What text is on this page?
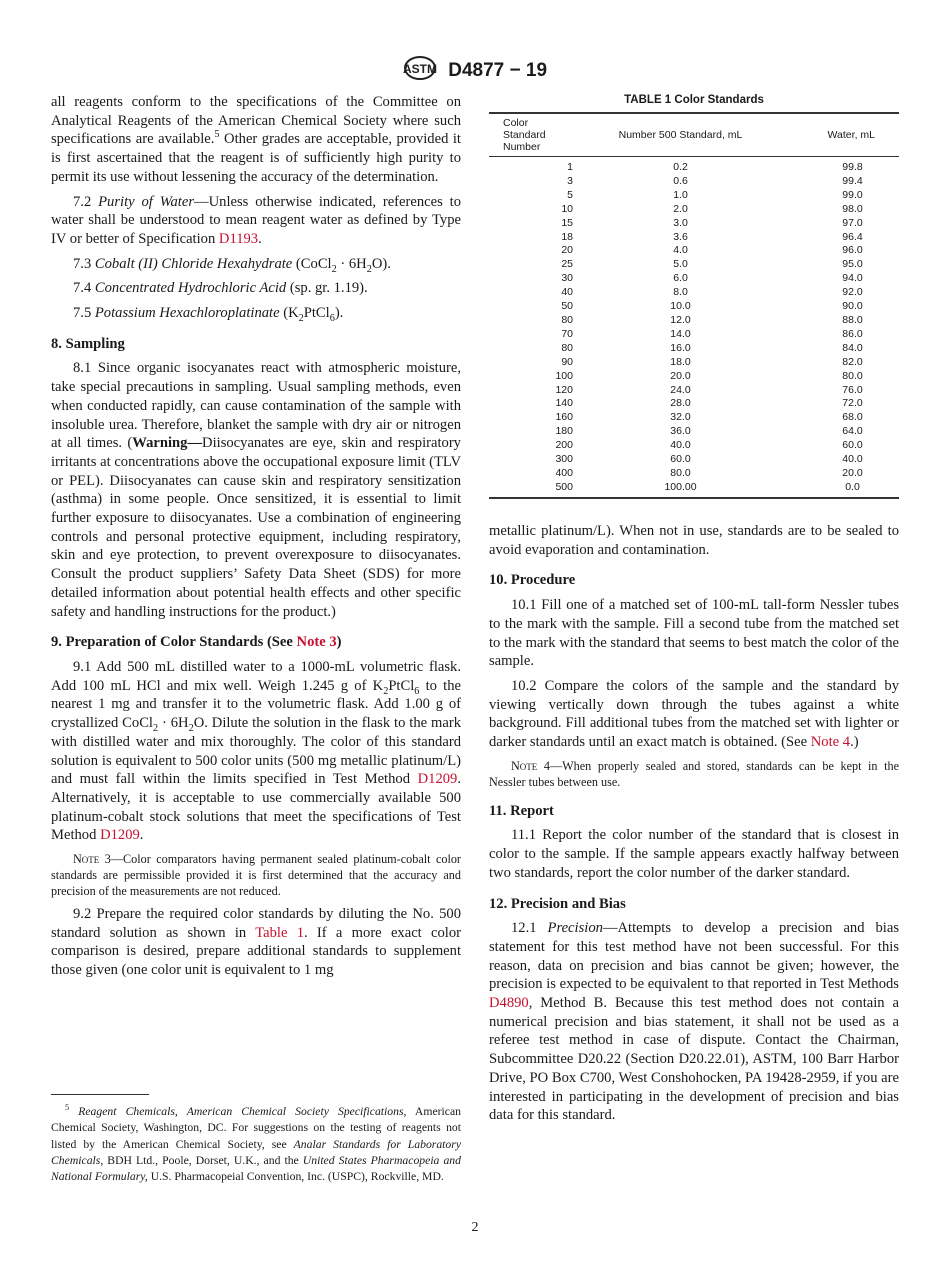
ASTM D4877 − 19

all reagents conform to the specifications of the Committee on Analytical Reagents of the American Chemical Society where such specifications are available.$^5$ Other grades are acceptable, provided it is first ascertained that the reagent is of sufficiently high purity to permit its use without lessening the accuracy of the determination.

7.2 Purity of Water—Unless otherwise indicated, references to water shall be understood to mean reagent water as defined by Type IV or better of Specification D1193.

7.3 Cobalt (II) Chloride Hexahydrate (CoCl$_2$ · $6H_2O$).

7.4 Concentrated Hydrochloric Acid (sp. gr. 1.19).

7.5 Potassium Hexachloroplatinate $(K_2PtCl_6)$.

8. Sampling

8.1 Since organic isocyanates react with atmospheric moisture, take special precautions in sampling. Usual sampling methods, even when conducted rapidly, can cause contamination of the sample with insoluble urea. Therefore, blanket the sample with dry air or nitrogen at all times. (Warning—Diisocyanates are eye, skin and respiratory irritants at concentrations above the occupational exposure limit (TLV or PEL). Diisocyanates can cause skin and respiratory sensitization (asthma) in some people. Once sensitized, it is essential to limit further exposure to diisocyanates. Use a combination of engineering controls and personal protective equipment, including respiratory, skin and eye protection, to prevent overexposure to diisocyanates. Consult the product suppliers’ Safety Data Sheet (SDS) for more detailed information about potential health effects and other specific safety and handling instructions for the product.)

9. Preparation of Color Standards (See Note 3)

9.1 Add 500 mL distilled water to a 1000-mL volumetric flask. Add 100 mL HCl and mix well. Weigh 1.245 g of $K_2PtCl_6$ to the nearest 1 mg and transfer it to the volumetric flask. Add 1.00 g of crystallized CoCl$_2$ · $6H_2O$. Dilute the solution in the flask to the mark with distilled water and mix thoroughly. The color of this standard solution is equivalent to 500 color units (500 mg metallic platinum/L) and must fall within the limits specified in Test Method D1209. Alternatively, it is acceptable to use commercially available 500 platinum-cobalt stock solutions that meet the specifications of Test Method D1209.

Note 3—Color comparators having permanent sealed platinum-cobalt color standards are permissible provided it is first determined that the accuracy and precision of the measurements are not reduced.

9.2 Prepare the required color standards by diluting the No. 500 standard solution as shown in Table 1. If a more exact color comparison is desired, prepare additional standards to supplement those given (one color unit is equivalent to 1 mg

TABLE 1 Color Standards
Color Standard Number	Number 500 Standard, mL	Water, mL
1	0.2	99.8
3	0.6	99.4
5	1.0	99.0
10	2.0	98.0
15	3.0	97.0
18	3.6	96.4
20	4.0	96.0
25	5.0	95.0
30	6.0	94.0
40	8.0	92.0
50	10.0	90.0
80	12.0	88.0
70	14.0	86.0
80	16.0	84.0
90	18.0	82.0
100	20.0	80.0
120	24.0	76.0
140	28.0	72.0
160	32.0	68.0
180	36.0	64.0
200	40.0	60.0
300	60.0	40.0
400	80.0	20.0
500	100.00	0.0

metallic platinum/L). When not in use, standards are to be sealed to avoid evaporation and contamination.

10. Procedure

10.1 Fill one of a matched set of 100-mL tall-form Nessler tubes to the mark with the sample. Fill a second tube from the matched set to the mark with the standard that seems to best match the color of the sample.

10.2 Compare the colors of the sample and the standard by viewing vertically down through the tubes against a white background. Fill additional tubes from the matched set with lighter or darker standards until an exact match is obtained. (See Note 4.)

Note 4—When properly sealed and stored, standards can be kept in the Nessler tubes between use.

11. Report

11.1 Report the color number of the standard that is closest in color to the sample. If the sample appears exactly halfway between two standards, report the color number of the darker standard.

12. Precision and Bias

12.1 Precision—Attempts to develop a precision and bias statement for this test method have not been successful. For this reason, data on precision and bias cannot be given; however, the precision is expected to be equivalent to that reported in Test Methods D4890, Method B. Because this test method does not contain a numerical precision and bias statement, it shall not be used as a referee test method in case of dispute. Contact the Chairman, Subcommittee D20.22 (Section D20.22.01), ASTM, 100 Barr Harbor Drive, PO Box C700, West Conshohocken, PA 19428-2959, if you are interested in participating in the development of precision and bias data for this standard.

$^5$ Reagent Chemicals, American Chemical Society Specifications, American Chemical Society, Washington, DC. For suggestions on the testing of reagents not listed by the American Chemical Society, see Analar Standards for Laboratory Chemicals, BDH Ltd., Poole, Dorset, U.K., and the United States Pharmacopeia and National Formulary, U.S. Pharmacopeial Convention, Inc. (USPC), Rockville, MD.
2
